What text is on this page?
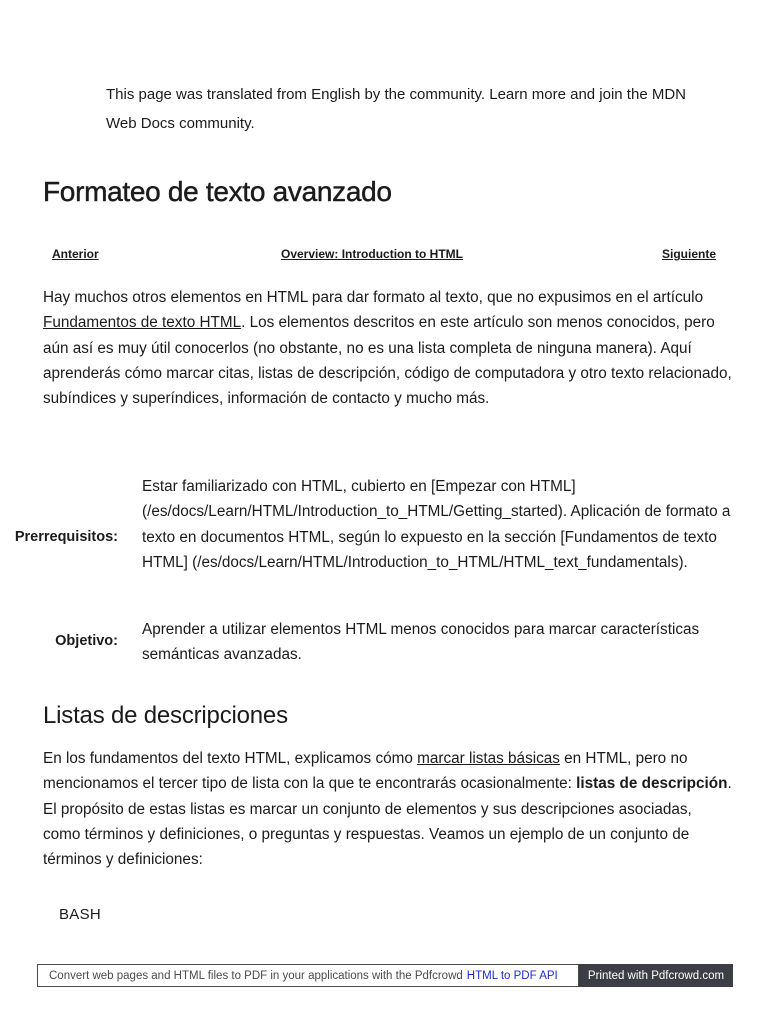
This page was translated from English by the community. Learn more and join the MDN Web Docs community.

Formateo de texto avanzado
Anterior	Overview: Introduction to HTML	Siguiente

Hay muchos otros elementos en HTML para dar formato al texto, que no expusimos en el artículo Fundamentos de texto HTML. Los elementos descritos en este artículo son menos conocidos, pero aún así es muy útil conocerlos (no obstante, no es una lista completa de ninguna manera). Aquí aprenderás cómo marcar citas, listas de descripción, código de computadora y otro texto relacionado, subíndices y superíndices, información de contacto y mucho más.

Prerrequisitos:

Estar familiarizado con HTML, cubierto en [Empezar con HTML] (/es/docs/Learn/HTML/Introduction_to_HTML/Getting_started). Aplicación de formato a texto en documentos HTML, según lo expuesto en la sección [Fundamentos de texto HTML] (/es/docs/Learn/HTML/Introduction_to_HTML/HTML_text_fundamentals).

Objetivo:

Aprender a utilizar elementos HTML menos conocidos para marcar características semánticas avanzadas.

Listas de descripciones

En los fundamentos del texto HTML, explicamos cómo marcar listas básicas en HTML, pero no mencionamos el tercer tipo de lista con la que te encontrarás ocasionalmente: listas de descripción. El propósito de estas listas es marcar un conjunto de elementos y sus descripciones asociadas, como términos y definiciones, o preguntas y respuestas. Veamos un ejemplo de un conjunto de términos y definiciones:

BASH
Convert web pages and HTML files to PDF in your applications with the Pdfcrowd HTML to PDF API	Printed with Pdfcrowd.com
